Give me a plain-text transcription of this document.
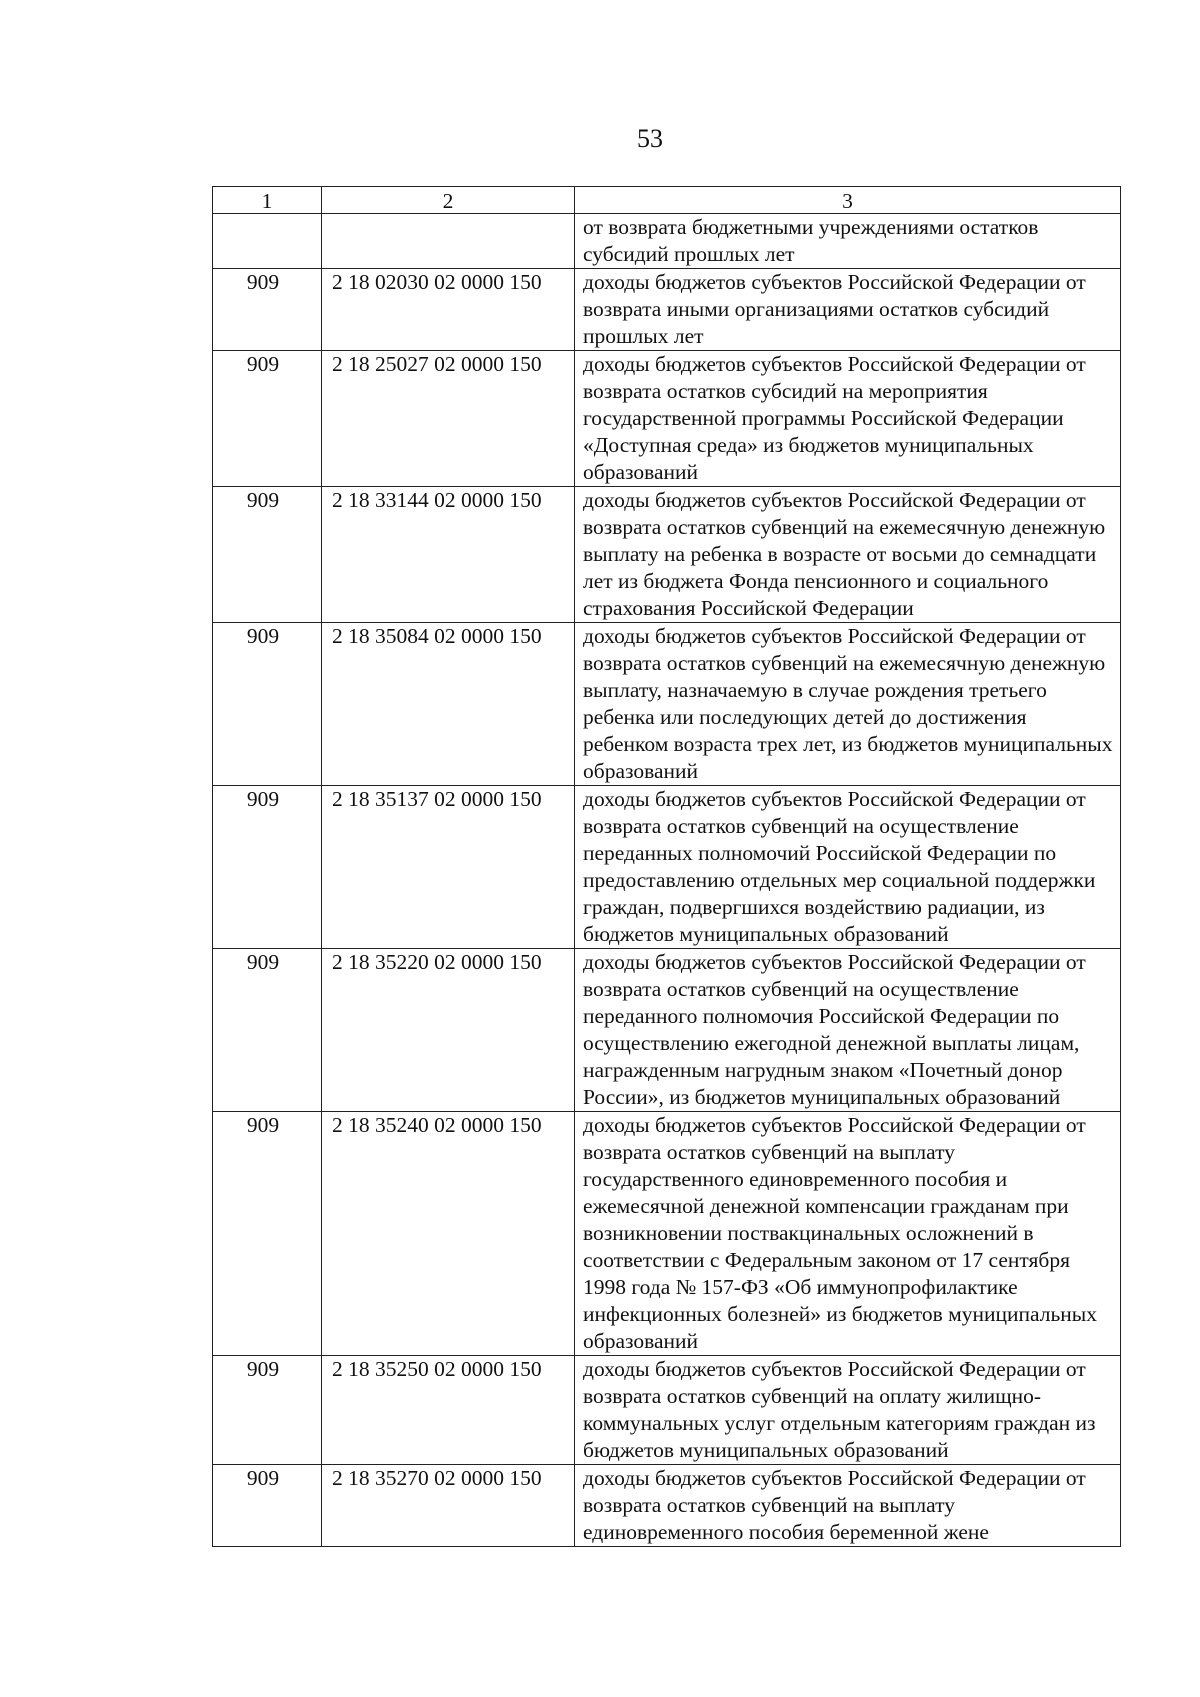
53
1	2	3
		от возврата бюджетными учреждениями остатков субсидий прошлых лет
909	2 18 02030 02 0000 150	доходы бюджетов субъектов Российской Федерации от возврата иными организациями остатков субсидий прошлых лет
909	2 18 25027 02 0000 150	доходы бюджетов субъектов Российской Федерации от возврата остатков субсидий на мероприятия государственной программы Российской Федерации «Доступная среда» из бюджетов муниципальных образований
909	2 18 33144 02 0000 150	доходы бюджетов субъектов Российской Федерации от возврата остатков субвенций на ежемесячную денежную выплату на ребенка в возрасте от восьми до семнадцати лет из бюджета Фонда пенсионного и социального страхования Российской Федерации
909	2 18 35084 02 0000 150	доходы бюджетов субъектов Российской Федерации от возврата остатков субвенций на ежемесячную денежную выплату, назначаемую в случае рождения третьего ребенка или последующих детей до достижения ребенком возраста трех лет, из бюджетов муниципальных образований
909	2 18 35137 02 0000 150	доходы бюджетов субъектов Российской Федерации от возврата остатков субвенций на осуществление переданных полномочий Российской Федерации по предоставлению отдельных мер социальной поддержки граждан, подвергшихся воздействию радиации, из бюджетов муниципальных образований
909	2 18 35220 02 0000 150	доходы бюджетов субъектов Российской Федерации от возврата остатков субвенций на осуществление переданного полномочия Российской Федерации по осуществлению ежегодной денежной выплаты лицам, награжденным нагрудным знаком «Почетный донор России», из бюджетов муниципальных образований
909	2 18 35240 02 0000 150	доходы бюджетов субъектов Российской Федерации от возврата остатков субвенций на выплату государственного единовременного пособия и ежемесячной денежной компенсации гражданам при возникновении поствакцинальных осложнений в соответствии с Федеральным законом от 17 сентября 1998 года № 157-ФЗ «Об иммунопрофилактике инфекционных болезней» из бюджетов муниципальных образований
909	2 18 35250 02 0000 150	доходы бюджетов субъектов Российской Федерации от возврата остатков субвенций на оплату жилищно-коммунальных услуг отдельным категориям граждан из бюджетов муниципальных образований
909	2 18 35270 02 0000 150	доходы бюджетов субъектов Российской Федерации от возврата остатков субвенций на выплату единовременного пособия беременной жене
